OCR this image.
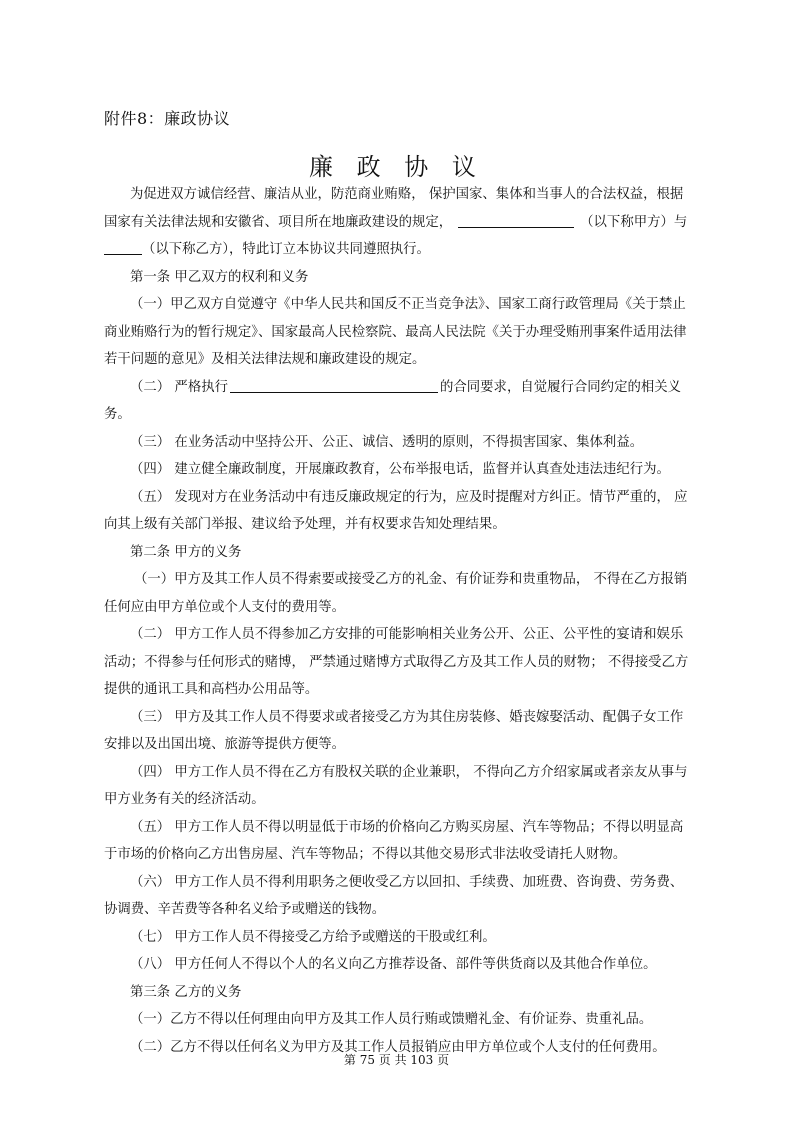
附件8：廉政协议
廉 政 协 议

为促进双方诚信经营、廉洁从业，防范商业贿赂， 保护国家、集体和当事人的合法权益，根据国家有关法律法规和安徽省、项目所在地廉政建设的规定，	（以下称甲方）与（以下称乙方），特此订立本协议共同遵照执行。

第一条 甲乙双方的权利和义务

（一）甲乙双方自觉遵守《中华人民共和国反不正当竞争法》、国家工商行政管理局《关于禁止商业贿赂行为的暂行规定》、国家最高人民检察院、最高人民法院《关于办理受贿刑事案件适用法律若干问题的意见》及相关法律法规和廉政建设的规定。

（二） 严格执行	的合同要求，自觉履行合同约定的相关义务。

（三） 在业务活动中坚持公开、公正、诚信、透明的原则，不得损害国家、集体利益。

（四） 建立健全廉政制度，开展廉政教育，公布举报电话，监督并认真查处违法违纪行为。

（五） 发现对方在业务活动中有违反廉政规定的行为，应及时提醒对方纠正。情节严重的， 应向其上级有关部门举报、建议给予处理，并有权要求告知处理结果。

第二条 甲方的义务

（一）甲方及其工作人员不得索要或接受乙方的礼金、有价证券和贵重物品， 不得在乙方报销任何应由甲方单位或个人支付的费用等。

（二） 甲方工作人员不得参加乙方安排的可能影响相关业务公开、公正、公平性的宴请和娱乐活动；不得参与任何形式的赌博， 严禁通过赌博方式取得乙方及其工作人员的财物； 不得接受乙方提供的通讯工具和高档办公用品等。

（三） 甲方及其工作人员不得要求或者接受乙方为其住房装修、婚丧嫁娶活动、配偶子女工作安排以及出国出境、旅游等提供方便等。

（四） 甲方工作人员不得在乙方有股权关联的企业兼职， 不得向乙方介绍家属或者亲友从事与甲方业务有关的经济活动。

（五） 甲方工作人员不得以明显低于市场的价格向乙方购买房屋、汽车等物品；不得以明显高于市场的价格向乙方出售房屋、汽车等物品；不得以其他交易形式非法收受请托人财物。

（六） 甲方工作人员不得利用职务之便收受乙方以回扣、手续费、加班费、咨询费、劳务费、协调费、辛苦费等各种名义给予或赠送的钱物。

（七） 甲方工作人员不得接受乙方给予或赠送的干股或红利。

（八） 甲方任何人不得以个人的名义向乙方推荐设备、部件等供货商以及其他合作单位。

第三条 乙方的义务

（一）乙方不得以任何理由向甲方及其工作人员行贿或馈赠礼金、有价证券、贵重礼品。

（二）乙方不得以任何名义为甲方及其工作人员报销应由甲方单位或个人支付的任何费用。

第 75 页 共 103 页
